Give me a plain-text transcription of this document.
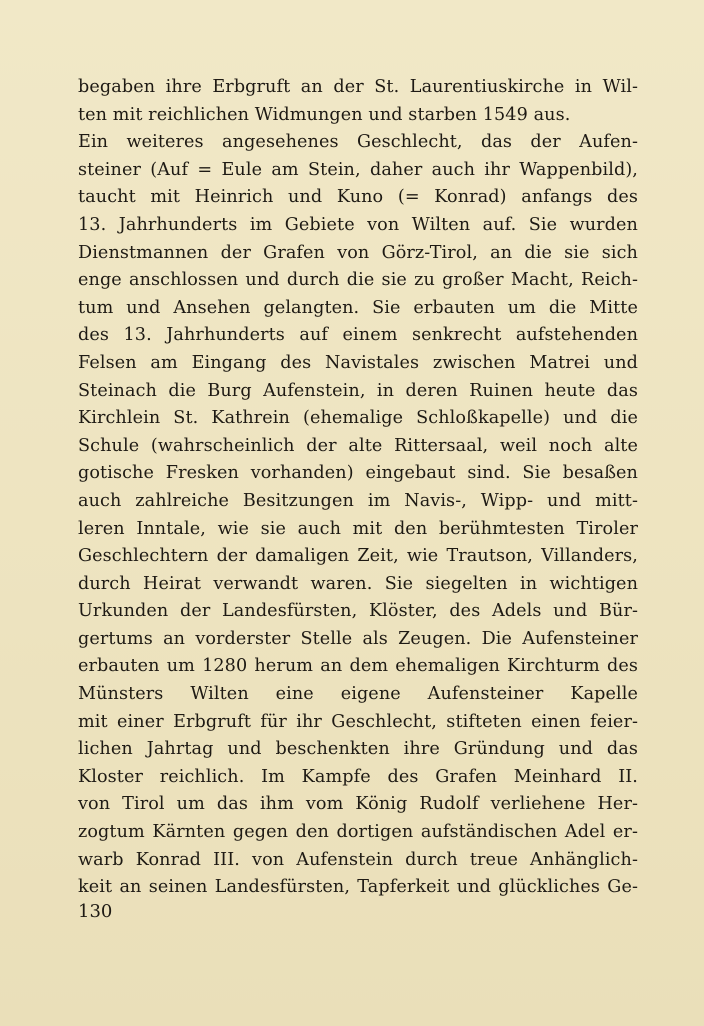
begaben ihre Erbgruft an der St. Laurentiuskirche in Wil-
ten mit reichlichen Widmungen und starben 1549 aus.
Ein weiteres angesehenes Geschlecht, das der Aufen-
steiner (Auf = Eule am Stein, daher auch ihr Wappenbild),
taucht mit Heinrich und Kuno (= Konrad) anfangs des
13. Jahrhunderts im Gebiete von Wilten auf. Sie wurden
Dienstmannen der Grafen von Görz-Tirol, an die sie sich
enge anschlossen und durch die sie zu großer Macht, Reich-
tum und Ansehen gelangten. Sie erbauten um die Mitte
des 13. Jahrhunderts auf einem senkrecht aufstehenden
Felsen am Eingang des Navistales zwischen Matrei und
Steinach die Burg Aufenstein, in deren Ruinen heute das
Kirchlein St. Kathrein (ehemalige Schloßkapelle) und die
Schule (wahrscheinlich der alte Rittersaal, weil noch alte
gotische Fresken vorhanden) eingebaut sind. Sie besaßen
auch zahlreiche Besitzungen im Navis-, Wipp- und mitt-
leren Inntale, wie sie auch mit den berühmtesten Tiroler
Geschlechtern der damaligen Zeit, wie Trautson, Villanders,
durch Heirat verwandt waren. Sie siegelten in wichtigen
Urkunden der Landesfürsten, Klöster, des Adels und Bür-
gertums an vorderster Stelle als Zeugen. Die Aufensteiner
erbauten um 1280 herum an dem ehemaligen Kirchturm des
Münsters Wilten eine eigene Aufensteiner Kapelle
mit einer Erbgruft für ihr Geschlecht, stifteten einen feier-
lichen Jahrtag und beschenkten ihre Gründung und das
Kloster reichlich. Im Kampfe des Grafen Meinhard II.
von Tirol um das ihm vom König Rudolf verliehene Her-
zogtum Kärnten gegen den dortigen aufständischen Adel er-
warb Konrad III. von Aufenstein durch treue Anhänglich-
keit an seinen Landesfürsten, Tapferkeit und glückliches Ge-
130
